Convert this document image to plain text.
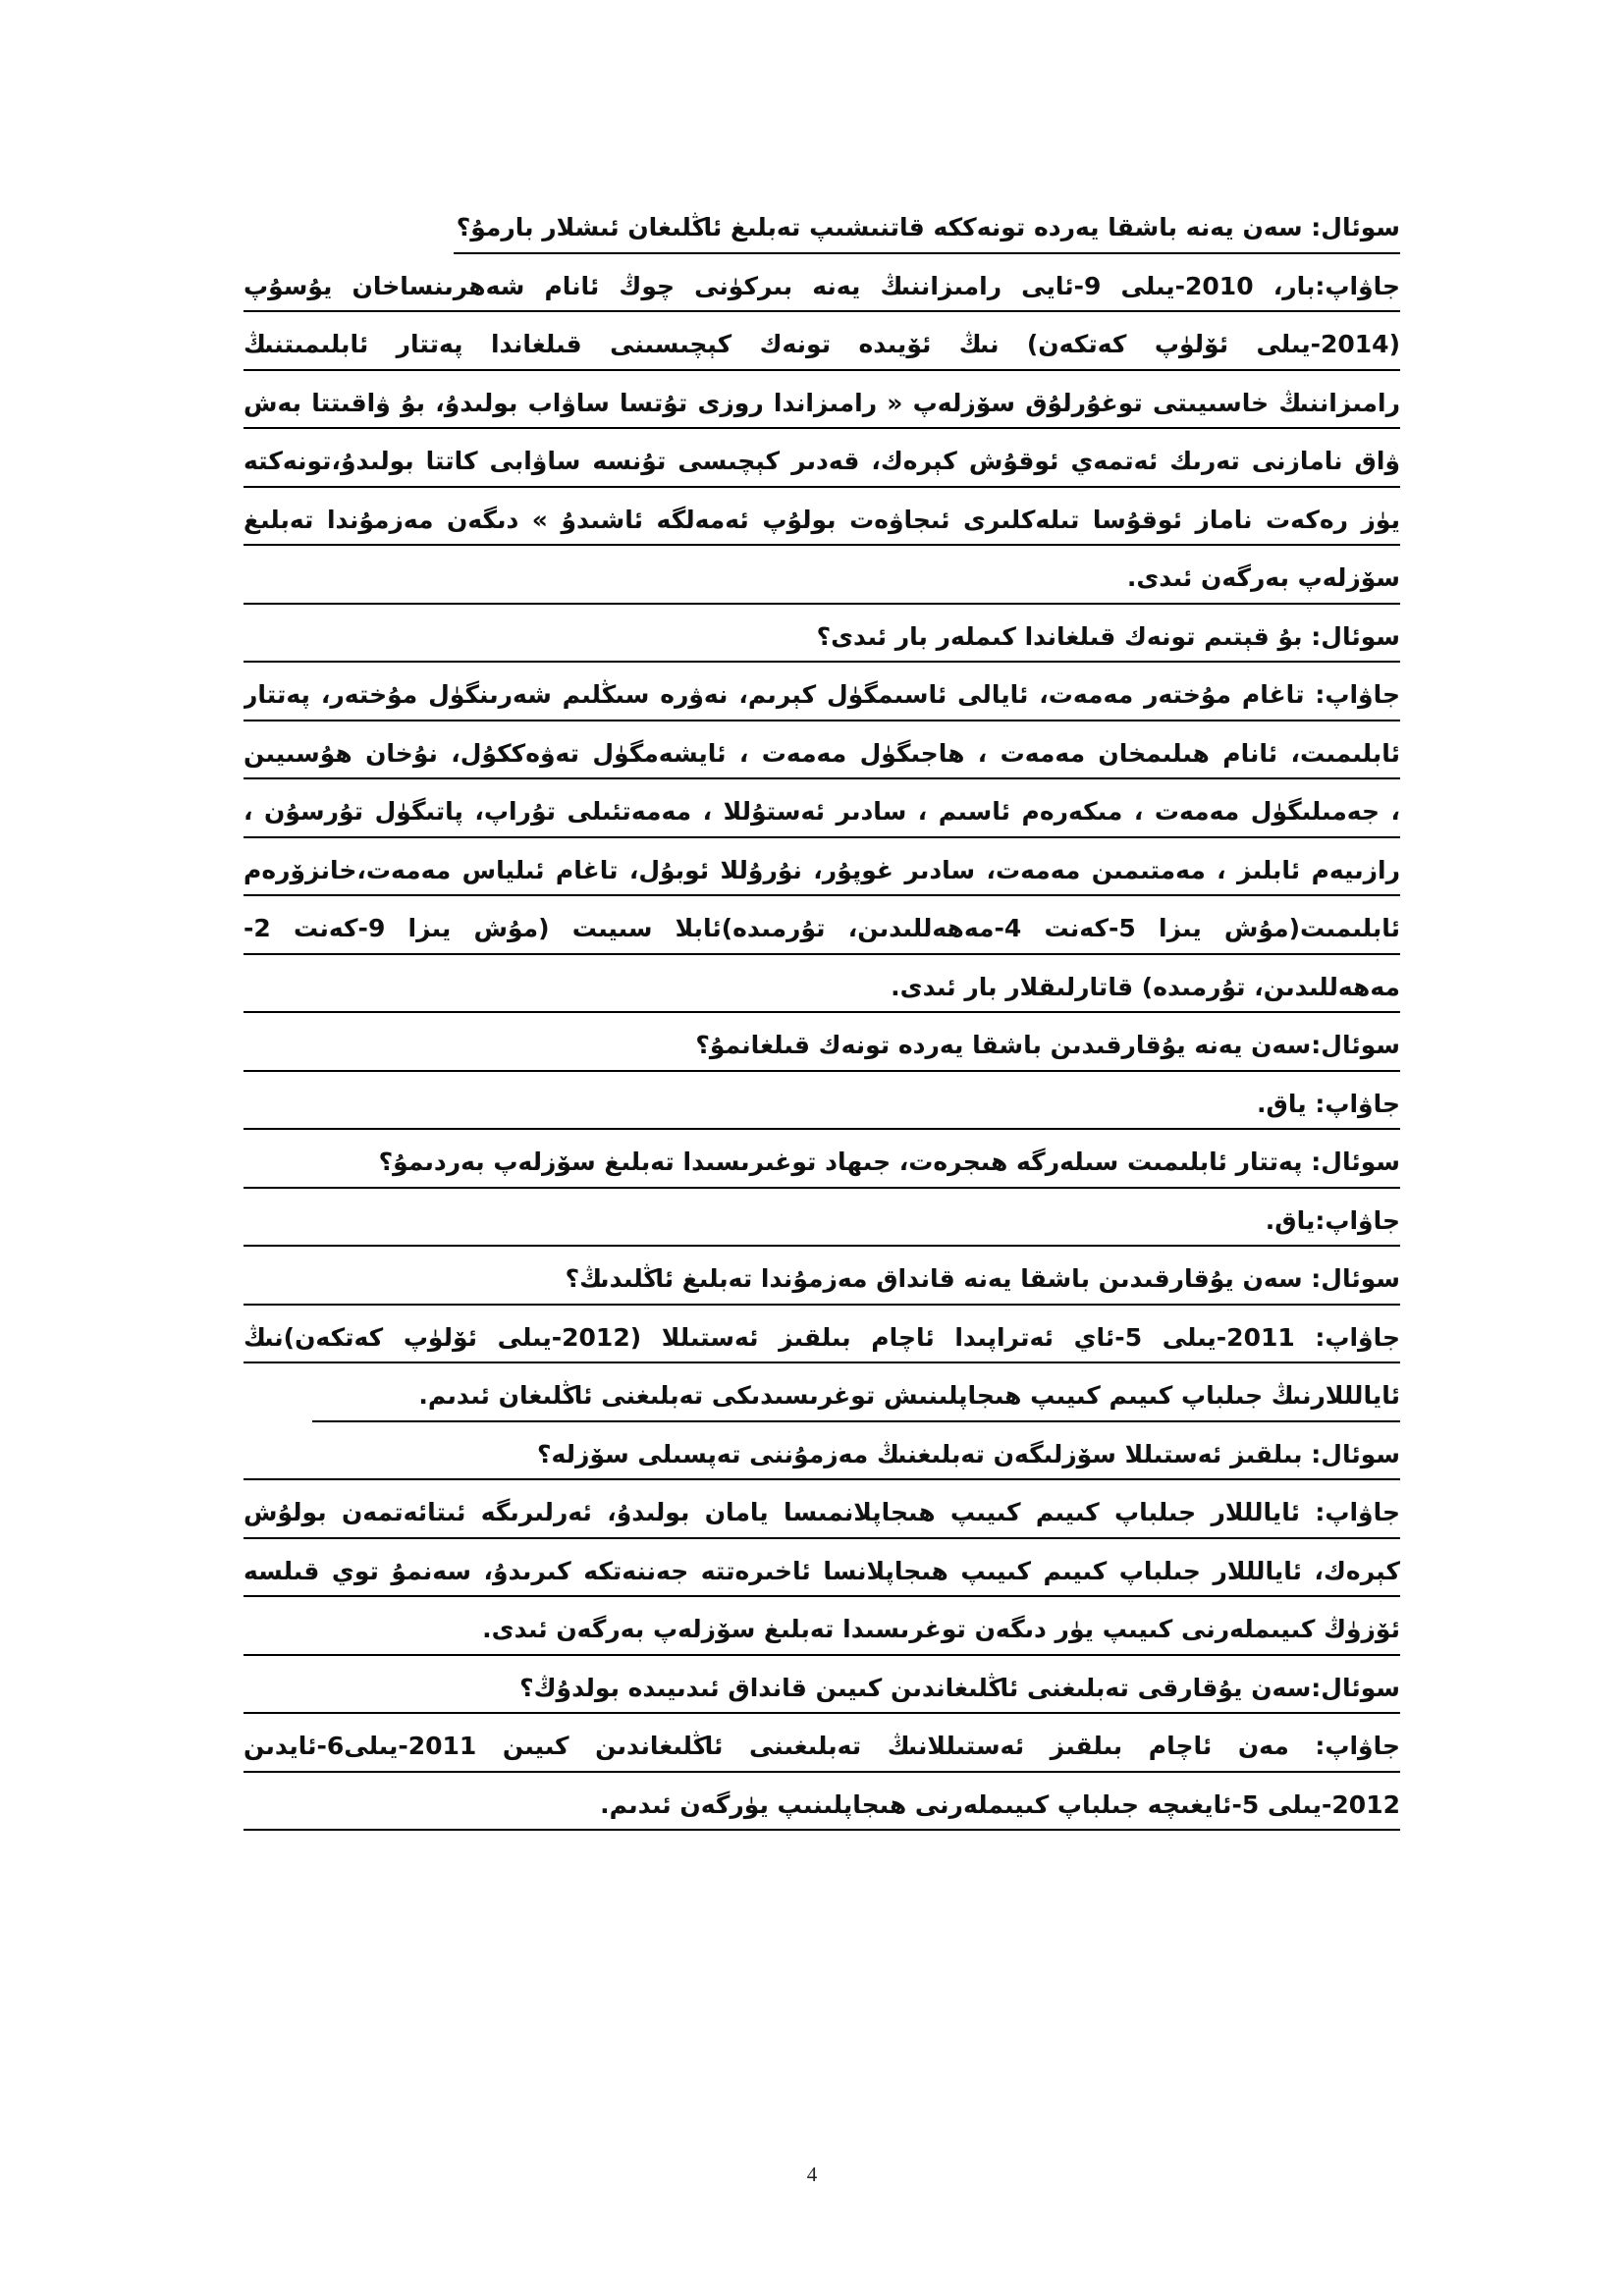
سوئال: سەن يەنە باشقا يەردە تونەككە قاتنىشىپ تەبلىغ ئاڭلىغان ئىشلار بارمۇ؟
جاۋاپ:بار، 2010-يىلى 9-ئايى رامىزاننىڭ يەنە بىركۈنى چوڭ ئانام شەھرىنساخان يۇسۇپ
(2014-يىلى ئۆلۈپ كەتكەن) نىڭ ئۆيىدە تونەك كېچىسىنى قىلغاندا پەتتار ئابلىمىتنىڭ
رامىزاننىڭ خاسىيىتى توغۇرلۇق سۆزلەپ « رامىزاندا روزى تۇتسا ساۋاب بولىدۇ، بۇ ۋاقىتتا بەش
ۋاق نامازنى تەرىك ئەتمەي ئوقۇش كېرەك، قەدىر كېچىسى تۇنسە ساۋابى كاتتا بولىدۇ،تونەكتە
يۈز رەكەت ناماز ئوقۇسا تىلەكلىرى ئىجاۋەت بولۇپ ئەمەلگە ئاشىدۇ » دىگەن مەزمۇندا تەبلىغ
سۆزلەپ بەرگەن ئىدى.
سوئال: بۇ قېتىم تونەك قىلغاندا كىملەر بار ئىدى؟
جاۋاپ: تاغام مۇختەر مەمەت، ئايالى ئاسىمگۈل كېرىم، نەۋرە سىڭلىم شەرىنگۈل مۇختەر، پەتتار
ئابلىمىت، ئانام ھىلىمخان مەمەت ، ھاجىگۈل مەمەت ، ئايشەمگۈل تەۋەككۇل، نۇخان ھۇسىيىن
، جەمىلىگۈل مەمەت ، مىكەرەم ئاسىم ، سادىر ئەستۇللا ، مەمەتئىلى تۇراپ، پاتىگۈل تۇرسۇن ،
رازىيەم ئابلىز ، مەمتىمىن مەمەت، سادىر غوپۇر، نۇرۇللا ئوبۇل، تاغام ئىلياس مەمەت،خانزۆرەم
ئابلىمىت(مۇش يىزا 5-كەنت 4-مەھەللىدىن، تۇرمىدە)ئابلا سىيىت (مۇش يىزا 9-كەنت 2-
مەھەللىدىن، تۇرمىدە) قاتارلىقلار بار ئىدى.
سوئال:سەن يەنە يۇقارقىدىن باشقا يەردە تونەك قىلغانمۇ؟
جاۋاپ: ياق.
سوئال: پەتتار ئابلىمىت سىلەرگە ھىجرەت، جىھاد توغىرىسىدا تەبلىغ سۆزلەپ بەردىمۇ؟
جاۋاپ:ياق.
سوئال: سەن يۇقارقىدىن باشقا يەنە قانداق مەزمۇندا تەبلىغ ئاڭلىدىڭ؟
جاۋاپ: 2011-يىلى 5-ئاي ئەتراپىدا ئاچام بىلقىز ئەستىللا (2012-يىلى ئۆلۈپ كەتكەن)نىڭ
ئايالللارنىڭ جىلباپ كىيىم كىيىپ ھىجاپلىنىش توغرىسىدىكى تەبلىغنى ئاڭلىغان ئىدىم.
سوئال: بىلقىز ئەستىللا سۆزلىگەن تەبلىغنىڭ مەزمۇننى تەپسىلى سۆزلە؟
جاۋاپ: ئايالللار جىلباپ كىيىم كىيىپ ھىجاپلانمىسا يامان بولىدۇ، ئەرلىرىگە ئىتائەتمەن بولۇش
كېرەك، ئايالللار جىلباپ كىيىم كىيىپ ھىجاپلانسا ئاخىرەتتە جەننەتكە كىرىدۇ، سەنمۇ توي قىلسە
ئۆزۈڭ كىيىملەرنى كىيىپ يۈر دىگەن توغرىسىدا تەبلىغ سۆزلەپ بەرگەن ئىدى.
سوئال:سەن يۇقارقى تەبلىغنى ئاڭلىغاندىن كىيىن قانداق ئىدىيىدە بولدۇڭ؟
جاۋاپ: مەن ئاچام بىلقىز ئەستىللانىڭ تەبلىغىنى ئاڭلىغاندىن كىيىن 2011-يىلى6-ئايدىن
2012-يىلى 5-ئايغىچە جىلباپ كىيىملەرنى ھىجاپلىنىپ يۈرگەن ئىدىم.
4
